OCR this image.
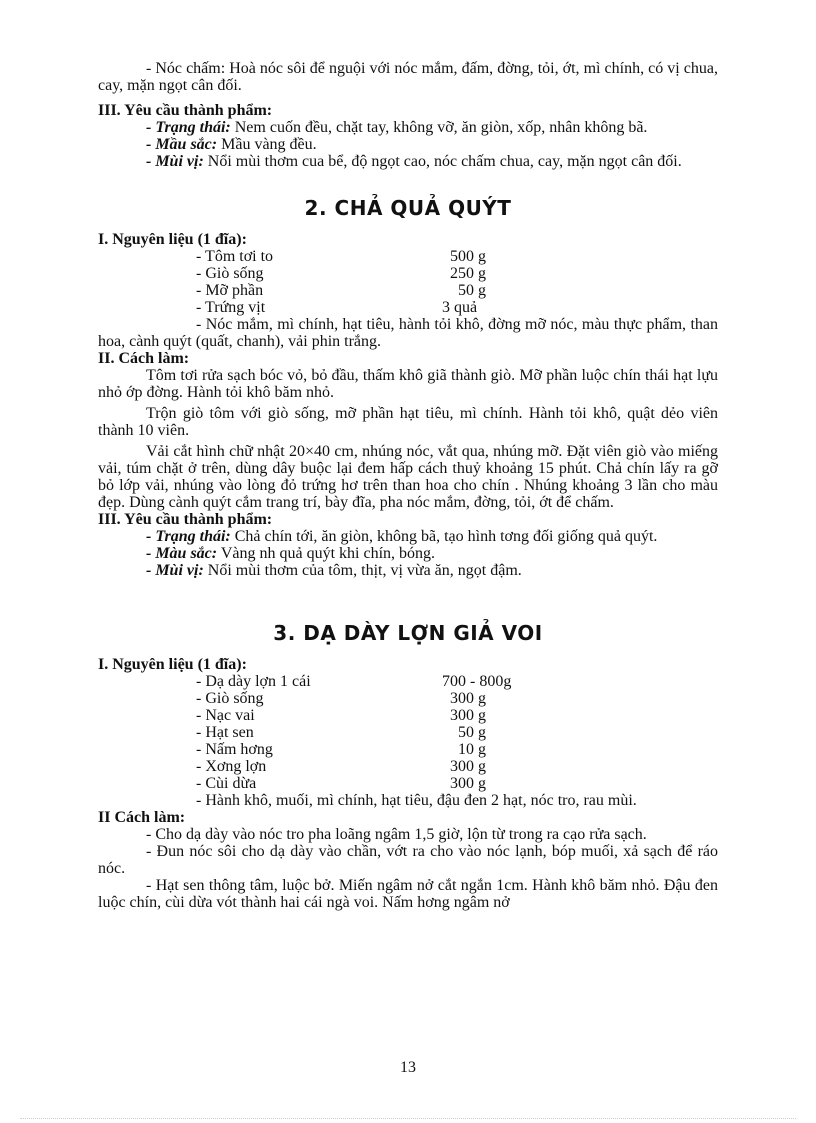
- Nóc chấm: Hoà nóc sôi để nguội với nóc mắm, đấm, đờng, tỏi, ớt, mì chính, có vị chua, cay, mặn ngọt cân đối.

III. Yêu cầu thành phẩm:

- Trạng thái: Nem cuốn đều, chặt tay, không vỡ, ăn giòn, xốp, nhân không bã.

- Mầu sắc: Mầu vàng đều.

- Mùi vị: Nổi mùi thơm cua bể, độ ngọt cao, nóc chấm chua, cay, mặn ngọt cân đối.

2. CHẢ QUẢ QUÝT

I. Nguyên liệu (1 đĩa):

- Tôm tơi to	500 g
- Giò sống	250 g
- Mỡ phần	50 g
- Trứng vịt	3 quả

- Nóc mắm, mì chính, hạt tiêu, hành tỏi khô, đờng mỡ nóc, màu thực phẩm, than hoa, cành quýt (quất, chanh), vải phin trắng.

II. Cách làm:

Tôm tơi rửa sạch bóc vỏ, bỏ đầu, thấm khô giã thành giò. Mỡ phần luộc chín thái hạt lựu nhỏ ớp đờng. Hành tỏi khô băm nhỏ.

Trộn giò tôm với giò sống, mỡ phần hạt tiêu, mì chính. Hành tỏi khô, quật dẻo viên thành 10 viên.

Vải cắt hình chữ nhật 20×40 cm, nhúng nóc, vắt qua, nhúng mỡ. Đặt viên giò vào miếng vải, túm chặt ở trên, dùng dây buộc lại đem hấp cách thuỷ khoảng 15 phút. Chả chín lấy ra gỡ bỏ lớp vải, nhúng vào lòng đỏ trứng hơ trên than hoa cho chín . Nhúng khoảng 3 lần cho màu đẹp. Dùng cành quýt cắm trang trí, bày đĩa, pha nóc mắm, đờng, tỏi, ớt để chấm.

III. Yêu cầu thành phẩm:

- Trạng thái: Chả chín tới, ăn giòn, không bã, tạo hình tơng đối giống quả quýt.

- Màu sắc: Vàng nh quả quýt khi chín, bóng.

- Mùi vị: Nổi mùi thơm của tôm, thịt, vị vừa ăn, ngọt đậm.

3. DẠ DÀY LỢN GIẢ VOI

I. Nguyên liệu (1 đĩa):

- Dạ dày lợn 1 cái	700 - 800g
- Giò sống	300 g
- Nạc vai	300 g
- Hạt sen	50 g
- Nấm hơng	10 g
- Xơng lợn	300 g
- Cùi dừa	300 g

- Hành khô, muối, mì chính, hạt tiêu, đậu đen 2 hạt, nóc tro, rau mùi.

II Cách làm:

- Cho dạ dày vào nóc tro pha loãng ngâm 1,5 giờ, lộn từ trong ra cạo rửa sạch.

- Đun nóc sôi cho dạ dày vào chần, vớt ra cho vào nóc lạnh, bóp muối, xả sạch để ráo nóc.

- Hạt sen thông tâm, luộc bở. Miến ngâm nở cắt ngắn 1cm. Hành khô băm nhỏ. Đậu đen luộc chín, cùi dừa vót thành hai cái ngà voi. Nấm hơng ngâm nở

13
